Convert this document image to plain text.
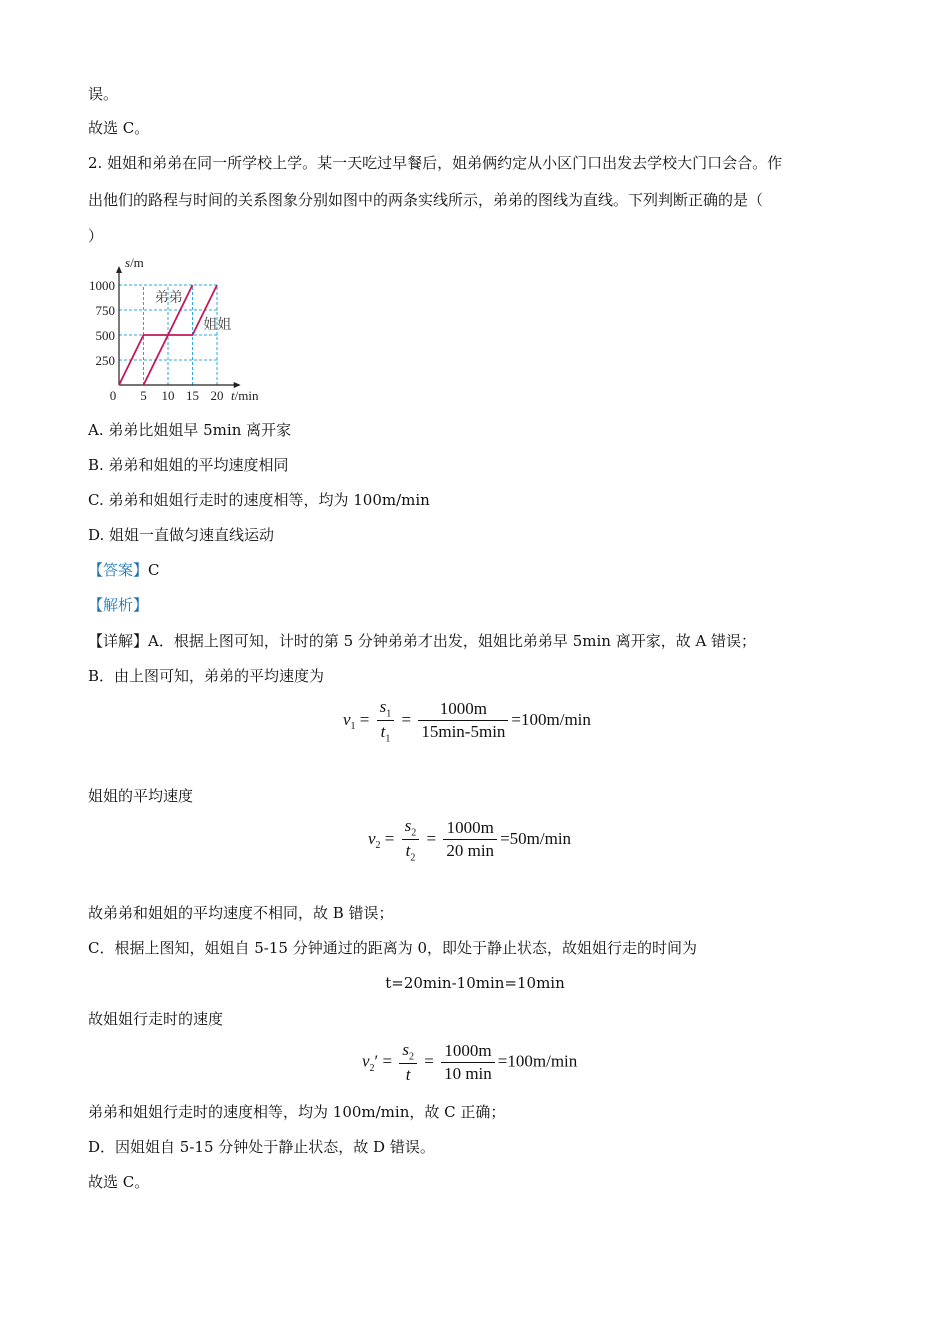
误。
故选 C。
2. 姐姐和弟弟在同一所学校上学。某一天吃过早餐后，姐弟俩约定从小区门口出发去学校大门口会合。作
出他们的路程与时间的关系图象分别如图中的两条实线所示，弟弟的图线为直线。下列判断正确的是（
）
0 5 10 15 20
250
500
750
1000
s/m
t/min
弟弟
姐姐
A. 弟弟比姐姐早 5min 离开家
B. 弟弟和姐姐的平均速度相同
C. 弟弟和姐姐行走时的速度相等，均为 100m/min
D. 姐姐一直做匀速直线运动
【答案】C
【解析】
【详解】A．根据上图可知，计时的第 5 分钟弟弟才出发，姐姐比弟弟早 5min 离开家，故 A 错误；
B．由上图可知，弟弟的平均速度为
$v_1 = \frac{s_1}{t_1} = \frac{1000m}{15\min-5\min} =100m/\min$
姐姐的平均速度
$v_2 = \frac{s_2}{t_2} = \frac{1000m}{20 \min} =50m/\min$
故弟弟和姐姐的平均速度不相同，故 B 错误；
C．根据上图知，姐姐自 5-15 分钟通过的距离为 0，即处于静止状态，故姐姐行走的时间为
t=20min-10min=10min
故姐姐行走时的速度
$v_2' = \frac{s_2}{t} = \frac{1000m}{10 \min} =100m/\min$
弟弟和姐姐行走时的速度相等，均为 100m/min，故 C 正确；
D．因姐姐自 5-15 分钟处于静止状态，故 D 错误。
故选 C。
